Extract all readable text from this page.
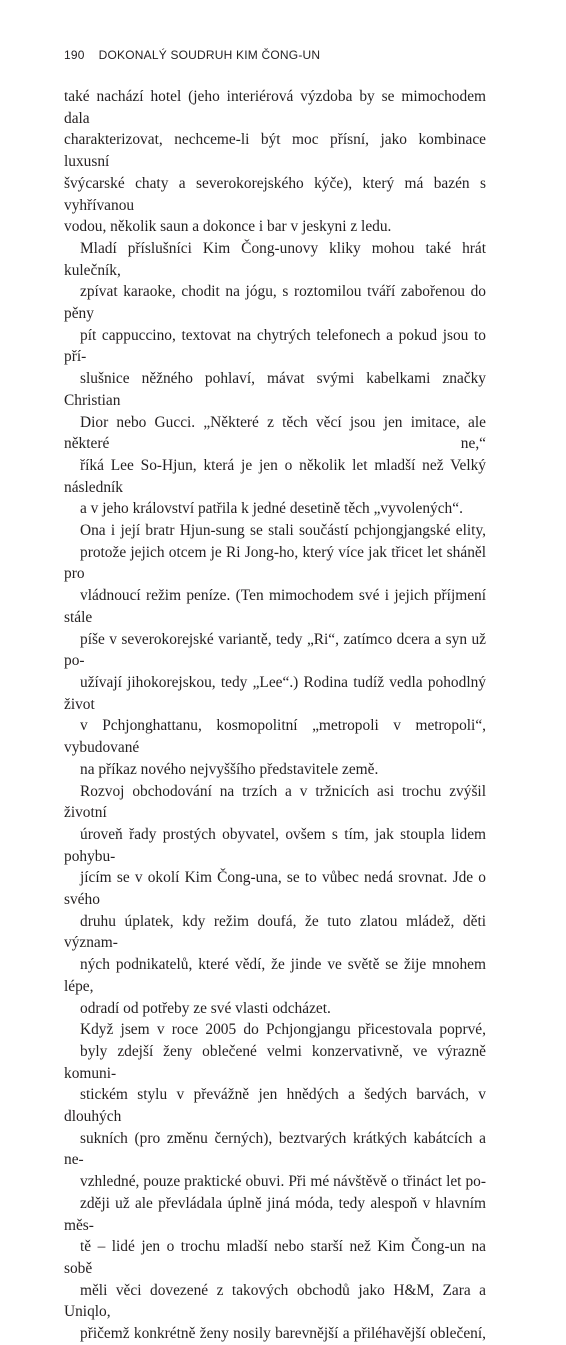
190 DOKONALÝ SOUDRUH KIM ČONG-UN

také nachází hotel (jeho interiérová výzdoba by se mimochodem dala
charakterizovat, nechceme-li být moc přísní, jako kombinace luxusní
švýcarské chaty a severokorejského kýče), který má bazén s vyhřívanou
vodou, několik saun a dokonce i bar v jeskyni z ledu.

Mladí příslušníci Kim Čong-unovy kliky mohou také hrát kulečník,
zpívat karaoke, chodit na jógu, s roztomilou tváří zabořenou do pěny
pít cappuccino, textovat na chytrých telefonech a pokud jsou to pří-
slušnice něžného pohlaví, mávat svými kabelkami značky Christian
Dior nebo Gucci. „Některé z těch věcí jsou jen imitace, ale některé ne,“
říká Lee So-Hjun, která je jen o několik let mladší než Velký následník
a v jeho království patřila k jedné desetině těch „vyvolených“.

Ona i její bratr Hjun-sung se stali součástí pchjongjangské elity,
protože jejich otcem je Ri Jong-ho, který více jak třicet let sháněl pro
vládnoucí režim peníze. (Ten mimochodem své i jejich příjmení stále
píše v severokorejské variantě, tedy „Ri“, zatímco dcera a syn už po-
užívají jihokorejskou, tedy „Lee“.) Rodina tudíž vedla pohodlný život
v Pchjonghattanu, kosmopolitní „metropoli v metropoli“, vybudované
na příkaz nového nejvyššího představitele země.

Rozvoj obchodování na trzích a v tržnicích asi trochu zvýšil životní
úroveň řady prostých obyvatel, ovšem s tím, jak stoupla lidem pohybu-
jícím se v okolí Kim Čong-una, se to vůbec nedá srovnat. Jde o svého
druhu úplatek, kdy režim doufá, že tuto zlatou mládež, děti význam-
ných podnikatelů, které vědí, že jinde ve světě se žije mnohem lépe,
odradí od potřeby ze své vlasti odcházet.

Když jsem v roce 2005 do Pchjongjangu přicestovala poprvé,
byly zdejší ženy oblečené velmi konzervativně, ve výrazně komuni-
stickém stylu v převážně jen hnědých a šedých barvách, v dlouhých
sukních (pro změnu černých), beztvarých krátkých kabátcích a ne-
vzhledné, pouze praktické obuvi. Při mé návštěvě o třináct let po-
zději už ale převládala úplně jiná móda, tedy alespoň v hlavním měs-
tě – lidé jen o trochu mladší nebo starší než Kim Čong-un na sobě
měli věci dovezené z takových obchodů jako H&M, Zara a Uniqlo,
přičemž konkrétně ženy nosily barevnější a přiléhavější oblečení,
